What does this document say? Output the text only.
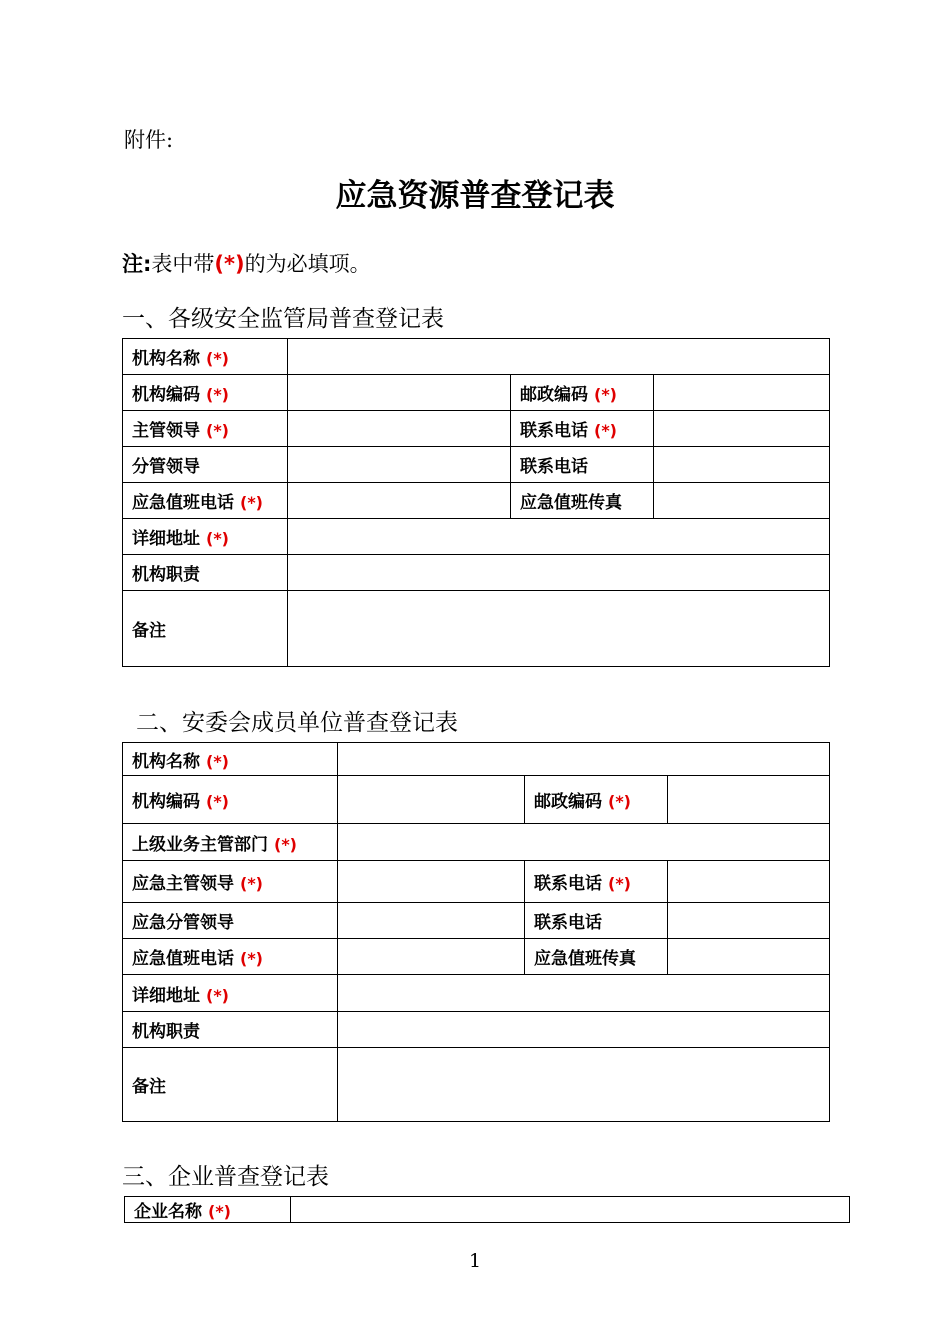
附件:
应急资源普查登记表
注:表中带(*)的为必填项。
一、各级安全监管局普查登记表
机构名称 (*)			
机构编码 (*)		邮政编码 (*)	
主管领导 (*)		联系电话 (*)	
分管领导		联系电话	
应急值班电话 (*)		应急值班传真	
详细地址 (*)			
机构职责			
备注			
二、安委会成员单位普查登记表
机构名称 (*)			
机构编码 (*)		邮政编码 (*)	
上级业务主管部门 (*)			
应急主管领导 (*)		联系电话 (*)	
应急分管领导		联系电话	
应急值班电话 (*)		应急值班传真	
详细地址 (*)			
机构职责			
备注			
三、企业普查登记表
企业名称 (*)	
1
